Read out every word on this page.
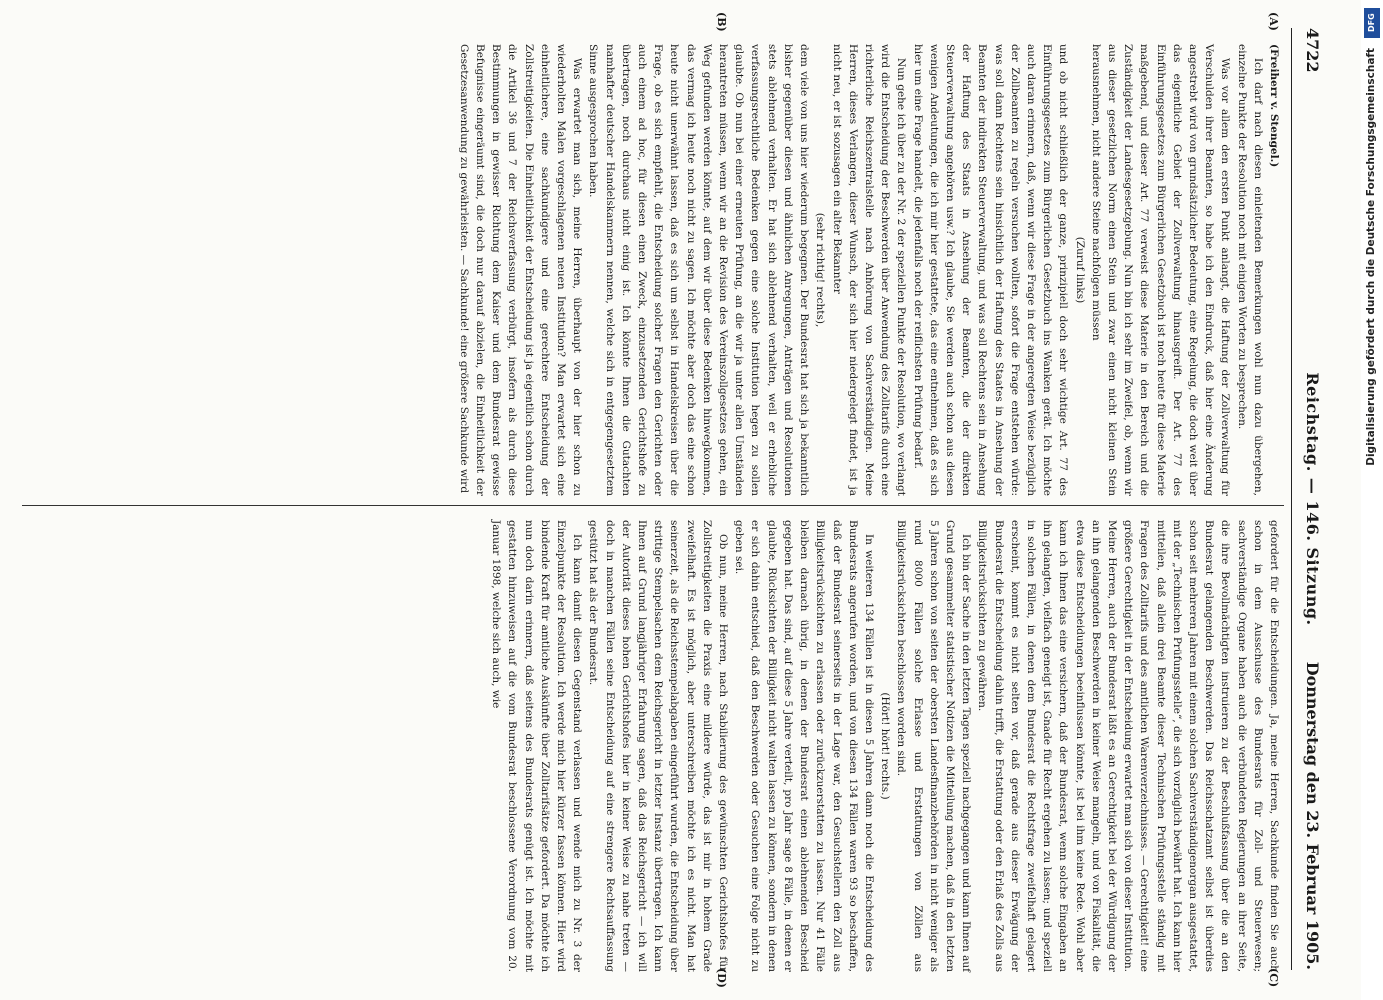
4722
Reichstag. — 146. Sitzung.
Donnerstag den 23. Februar 1905.
(A)
(B)
(C)
(D)

(Freiherr v. Stengel.)

Ich darf nach diesen einleitenden Bemerkungen wohl nun dazu übergehen, einzelne Punkte der Resolution noch mit einigen Worten zu besprechen.

Was vor allem den ersten Punkt anlangt, die Haftung der Zollverwaltung für Verschulden ihrer Beamten, so habe ich den Eindruck, daß hier eine Änderung angestrebt wird von grundsätzlicher Bedeutung, eine Regelung, die doch weit über das eigentliche Gebiet der Zollverwaltung hinausgreift. Der Art. 77 des Einführungsgesetzes zum Bürgerlichen Gesetzbuch ist noch heute für diese Materie maßgebend, und dieser Art. 77 verweist diese Materie in den Bereich und die Zuständigkeit der Landesgesetzgebung. Nun bin ich sehr im Zweifel, ob, wenn wir aus dieser gesetzlichen Norm einen Stein und zwar einen nicht kleinen Stein herausnehmen, nicht andere Steine nachfolgen müssen

(Zuruf links)

und ob nicht schließlich der ganze, prinzipiell doch sehr wichtige Art. 77 des Einführungsgesetzes zum Bürgerlichen Gesetzbuch ins Wanken gerät. Ich möchte auch daran erinnern, daß, wenn wir diese Frage in der angeregten Weise bezüglich der Zollbeamten zu regeln versuchen wollten, sofort die Frage entstehen würde: was soll dann Rechtens sein hinsichtlich der Haftung des Staates in Ansehung der Beamten der indirekten Steuerverwaltung, und was soll Rechtens sein in Ansehung der Haftung des Staats in Ansehung der Beamten, die der direkten Steuerverwaltung angehören usw.? Ich glaube, Sie werden auch schon aus diesen wenigen Andeutungen, die ich mir hier gestattete, das eine entnehmen, daß es sich hier um eine Frage handelt, die jedenfalls noch der reiflichsten Prüfung bedarf.

Nun gehe ich über zu der Nr. 2 der speziellen Punkte der Resolution, wo verlangt wird die Entscheidung der Beschwerden über Anwendung des Zolltarifs durch eine richterliche Reichszentralstelle nach Anhörung von Sachverständigen. Meine Herren, dieses Verlangen, dieser Wunsch, der sich hier niedergelegt findet, ist ja nicht neu, er ist sozusagen ein alter Bekannter

(sehr richtig! rechts),

dem viele von uns hier wiederum begegnen. Der Bundesrat hat sich ja bekanntlich bisher gegenüber diesen und ähnlichen Anregungen, Anträgen und Resolutionen stets ablehnend verhalten. Er hat sich ablehnend verhalten, weil er erhebliche verfassungsrechtliche Bedenken gegen eine solche Institution hegen zu sollen glaubte. Ob nun bei einer erneuten Prüfung, an die wir ja unter allen Umständen herantreten müssen, wenn wir an die Revision des Vereinszollgesetzes gehen, ein Weg gefunden werden könnte, auf dem wir über diese Bedenken hinwegkommen, das vermag ich heute noch nicht zu sagen. Ich möchte aber doch das eine schon heute nicht unerwähnt lassen, daß es sich um selbst in Handelskreisen über die Frage, ob es sich empfiehlt, die Entscheidung solcher Fragen den Gerichten oder auch einem ad hoc, für diesen einen Zweck, einzusetzenden Gerichtshofe zu übertragen, noch durchaus nicht einig ist. Ich könnte Ihnen die Gutachten namhafter deutscher Handelskammern nennen, welche sich in entgegengesetztem Sinne ausgesprochen haben.

Was erwartet man sich, meine Herren, überhaupt von der hier schon zu wiederholten Malen vorgeschlagenen neuen Institution? Man erwartet sich eine einheitlichere, eine sachkundigere und eine gerechtere Entscheidung der Zollstreitigkeiten. Die Einheitlichkeit der Entscheidung ist ja eigentlich schon durch die Artikel 36 und 7 der Reichsverfassung verbürgt, insofern als durch diese Bestimmungen in gewisser Richtung dem Kaiser und dem Bundesrat gewisse Befugnisse eingeräumt sind, die doch nur darauf abzielen, die Einheitlichkeit der Gesetzesanwendung zu gewährleisten. — Sachkunde! eine größere Sachkunde wird

gefordert für die Entscheidungen. Ja, meine Herren, Sachkunde finden Sie auch schon in dem Ausschusse des Bundesrats für Zoll- und Steuerwesen; sachverständige Organe haben auch die verbündeten Regierungen an ihrer Seite, die ihre Bevollmächtigten instruieren zu der Beschlußfassung über die an den Bundesrat gelangenden Beschwerden. Das Reichsschatzamt selbst ist überdies schon seit mehreren Jahren mit einem solchen Sachverständigenorgan ausgestattet, mit der „Technischen Prüfungsstelle“, die sich vorzüglich bewährt hat. Ich kann hier mitteilen, daß allein drei Beamte dieser Technischen Prüfungsstelle ständig mit Fragen des Zolltarifs und des amtlichen Warenverzeichnisses. — Gerechtigkeit! eine größere Gerechtigkeit in der Entscheidung erwartet man sich von dieser Institution. Meine Herren, auch der Bundesrat läßt es an Gerechtigkeit bei der Würdigung der an ihn gelangenden Beschwerden in keiner Weise mangeln, und von Fiskalität, die etwa diese Entscheidungen beeinflussen könnte, ist bei ihm keine Rede. Wohl aber kann ich Ihnen das eine versichern, daß der Bundesrat, wenn solche Eingaben an ihn gelangten, vielfach geneigt ist, Gnade für Recht ergehen zu lassen; und speziell in solchen Fällen, in denen dem Bundesrat die Rechtsfrage zweifelhaft gelagert erscheint, kommt es nicht selten vor, daß gerade aus dieser Erwägung der Bundesrat die Entscheidung dahin trifft, die Erstattung oder den Erlaß des Zolls aus Billigkeitsrücksichten zu gewähren.

Ich bin der Sache in den letzten Tagen speziell nachgegangen und kann Ihnen auf Grund gesammelter statistischer Notizen die Mitteilung machen, daß in den letzten 5 Jahren schon von seiten der obersten Landesfinanzbehörden in nicht weniger als rund 8000 Fällen solche Erlasse und Erstattungen von Zöllen aus Billigkeitsrücksichten beschlossen worden sind.

(Hört! hört! rechts.)

In weiteren 134 Fällen ist in diesen 5 Jahren dann noch die Entscheidung des Bundesrats angerufen worden, und von diesen 134 Fällen waren 93 so beschaffen, daß der Bundesrat seinerseits in der Lage war, den Gesuchstellern den Zoll aus Billigkeitsrücksichten zu erlassen oder zurückzuerstatten zu lassen. Nur 41 Fälle bleiben darnach übrig, in denen der Bundesrat einen ablehnenden Bescheid gegeben hat. Das sind, auf diese 5 Jahre verteilt, pro Jahr sage 8 Fälle, in denen er glaubte, Rücksichten der Billigkeit nicht walten lassen zu können, sondern in denen er sich dahin entschied, daß den Beschwerden oder Gesuchen eine Folge nicht zu geben sei.

Ob nun, meine Herren, nach Stabilierung des gewünschten Gerichtshofes für Zollstreitigkeiten die Praxis eine mildere würde, das ist mir in hohem Grade zweifelhaft. Es ist möglich, aber unterschreiben möchte ich es nicht. Man hat seinerzeit, als die Reichsstempelabgaben eingeführt wurden, die Entscheidung über strittige Stempelsachen dem Reichsgericht in letzter Instanz übertragen. Ich kann Ihnen auf Grund langjähriger Erfahrung sagen, daß das Reichsgericht — ich will der Autorität dieses hohen Gerichtshofes hier in keiner Weise zu nahe treten — doch in manchen Fällen seine Entscheidung auf eine strengere Rechtsauffassung gestützt hat als der Bundesrat.

Ich kann damit diesen Gegenstand verlassen und wende mich zu Nr. 3 der Einzelpunkte der Resolution. Ich werde mich hier kürzer fassen können. Hier wird bindende Kraft für amtliche Auskünfte über Zolltarifsätze gefordert. Da möchte ich nun doch darin erinnern, daß seitens des Bundesrats genügt ist. Ich möchte mit gestatten hinzuweisen auf die vom Bundesrat beschlossene Verordnung vom 20. Januar 1898, welche sich auch, wie

DFG
Digitalisierung gefördert durch die Deutsche Forschungsgemeinschaft
